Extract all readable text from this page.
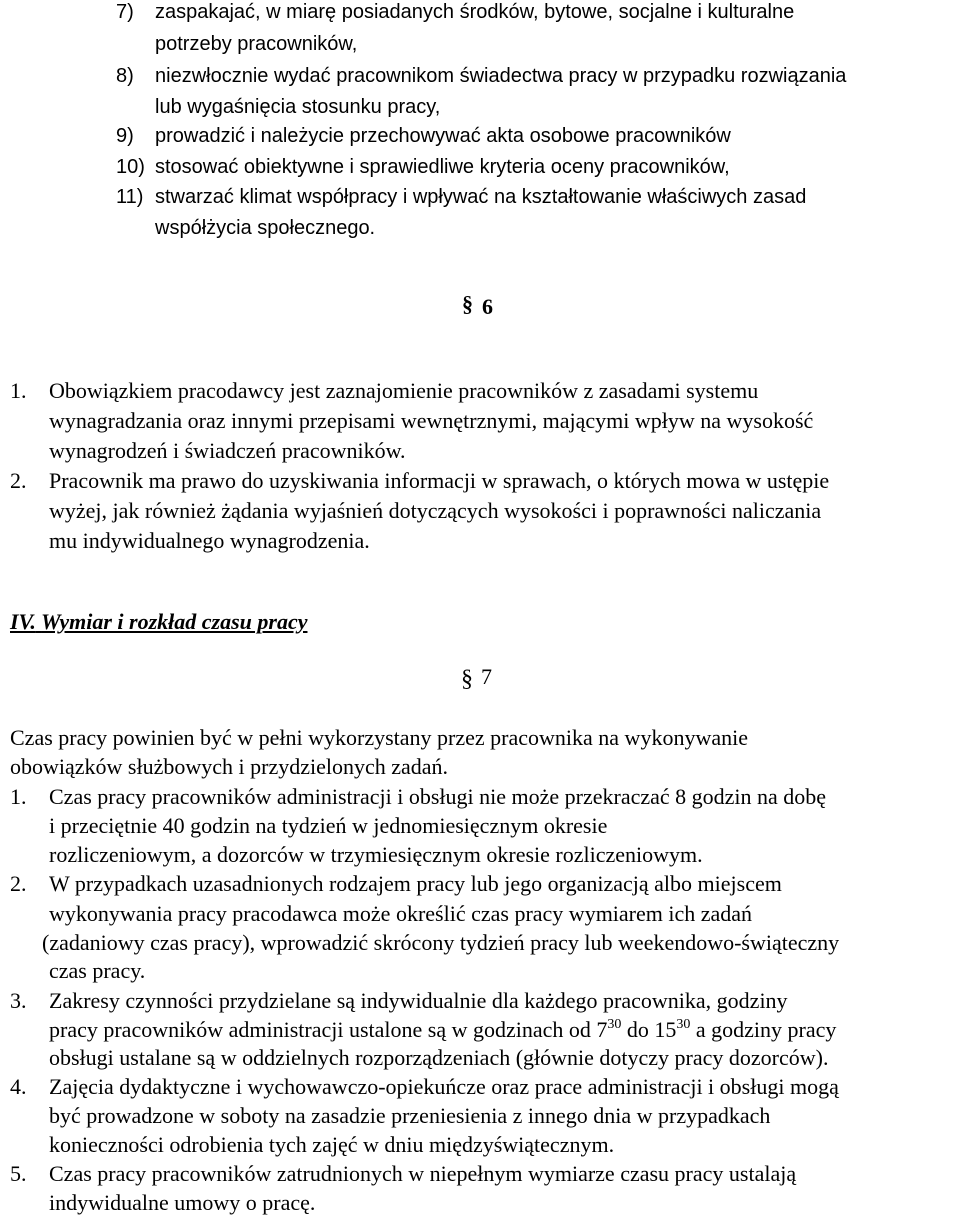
7) zaspakajać, w miarę posiadanych środków, bytowe, socjalne i kulturalne
potrzeby pracowników,
8) niezwłocznie wydać pracownikom świadectwa pracy w przypadku rozwiązania
lub wygaśnięcia stosunku pracy,
9) prowadzić i należycie przechowywać akta osobowe pracowników
10) stosować obiektywne i sprawiedliwe kryteria oceny pracowników,
11) stwarzać klimat współpracy i wpływać na kształtowanie właściwych zasad
współżycia społecznego.
§ 6
1. Obowiązkiem pracodawcy jest zaznajomienie pracowników z zasadami systemu
wynagradzania oraz innymi przepisami wewnętrznymi, mającymi wpływ na wysokość
wynagrodzeń i świadczeń pracowników.
2. Pracownik ma prawo do uzyskiwania informacji w sprawach, o których mowa w ustępie
wyżej, jak również żądania wyjaśnień dotyczących wysokości i poprawności naliczania
mu indywidualnego wynagrodzenia.
IV. Wymiar i rozkład czasu pracy
§ 7
Czas pracy powinien być w pełni wykorzystany przez pracownika na wykonywanie
obowiązków służbowych i przydzielonych zadań.
1. Czas pracy pracowników administracji i obsługi nie może przekraczać 8 godzin na dobę
i przeciętnie 40 godzin na tydzień w jednomiesięcznym okresie
rozliczeniowym, a dozorców w trzymiesięcznym okresie rozliczeniowym.
2. W przypadkach uzasadnionych rodzajem pracy lub jego organizacją albo miejscem
wykonywania pracy pracodawca może określić czas pracy wymiarem ich zadań
(zadaniowy czas pracy), wprowadzić skrócony tydzień pracy lub weekendowo-świąteczny
czas pracy.
3. Zakresy czynności przydzielane są indywidualnie dla każdego pracownika, godziny
pracy pracowników administracji ustalone są w godzinach od $7^{30}$ do $15^{30}$ a godziny pracy
obsługi ustalane są w oddzielnych rozporządzeniach (głównie dotyczy pracy dozorców).
4. Zajęcia dydaktyczne i wychowawczo-opiekuńcze oraz prace administracji i obsługi mogą
być prowadzone w soboty na zasadzie przeniesienia z innego dnia w przypadkach
konieczności odrobienia tych zajęć w dniu międzyświątecznym.
5. Czas pracy pracowników zatrudnionych w niepełnym wymiarze czasu pracy ustalają
indywidualne umowy o pracę.
